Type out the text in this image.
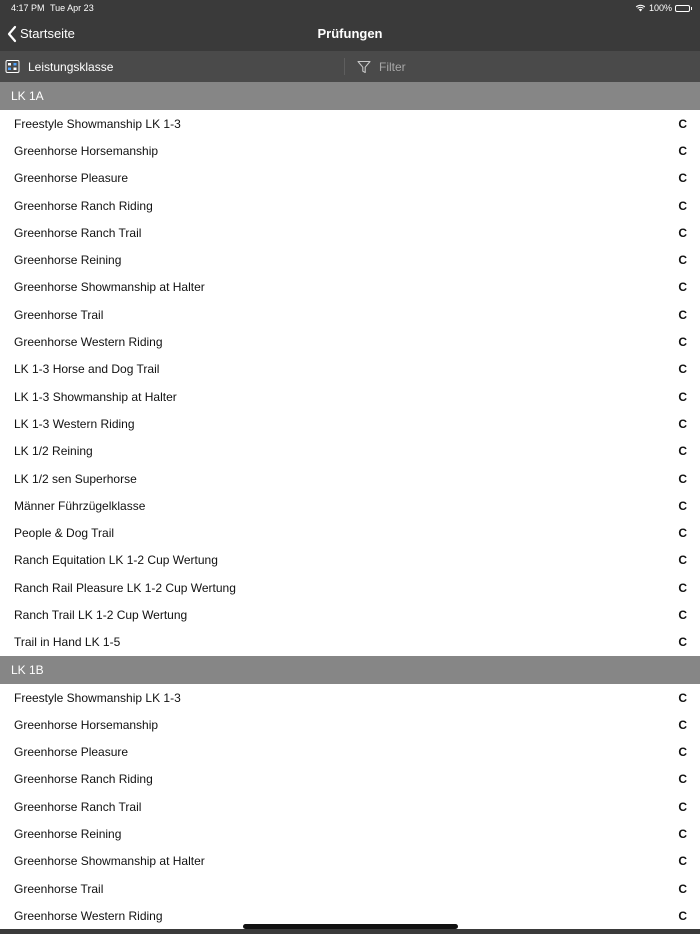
4:17 PM Tue Apr 23	100%
Startseite	Prüfungen
Leistungsklasse
Filter
LK 1A
Freestyle Showmanship LK 1-3	C
Greenhorse Horsemanship	C
Greenhorse Pleasure	C
Greenhorse Ranch Riding	C
Greenhorse Ranch Trail	C
Greenhorse Reining	C
Greenhorse Showmanship at Halter	C
Greenhorse Trail	C
Greenhorse Western Riding	C
LK 1-3 Horse and Dog Trail	C
LK 1-3 Showmanship at Halter	C
LK 1-3 Western Riding	C
LK 1/2 Reining	C
LK 1/2 sen Superhorse	C
Männer Führzügelklasse	C
People & Dog Trail	C
Ranch Equitation LK 1-2 Cup Wertung	C
Ranch Rail Pleasure LK 1-2 Cup Wertung	C
Ranch Trail LK 1-2 Cup Wertung	C
Trail in Hand LK 1-5	C
LK 1B
Freestyle Showmanship LK 1-3	C
Greenhorse Horsemanship	C
Greenhorse Pleasure	C
Greenhorse Ranch Riding	C
Greenhorse Ranch Trail	C
Greenhorse Reining	C
Greenhorse Showmanship at Halter	C
Greenhorse Trail	C
Greenhorse Western Riding	C
